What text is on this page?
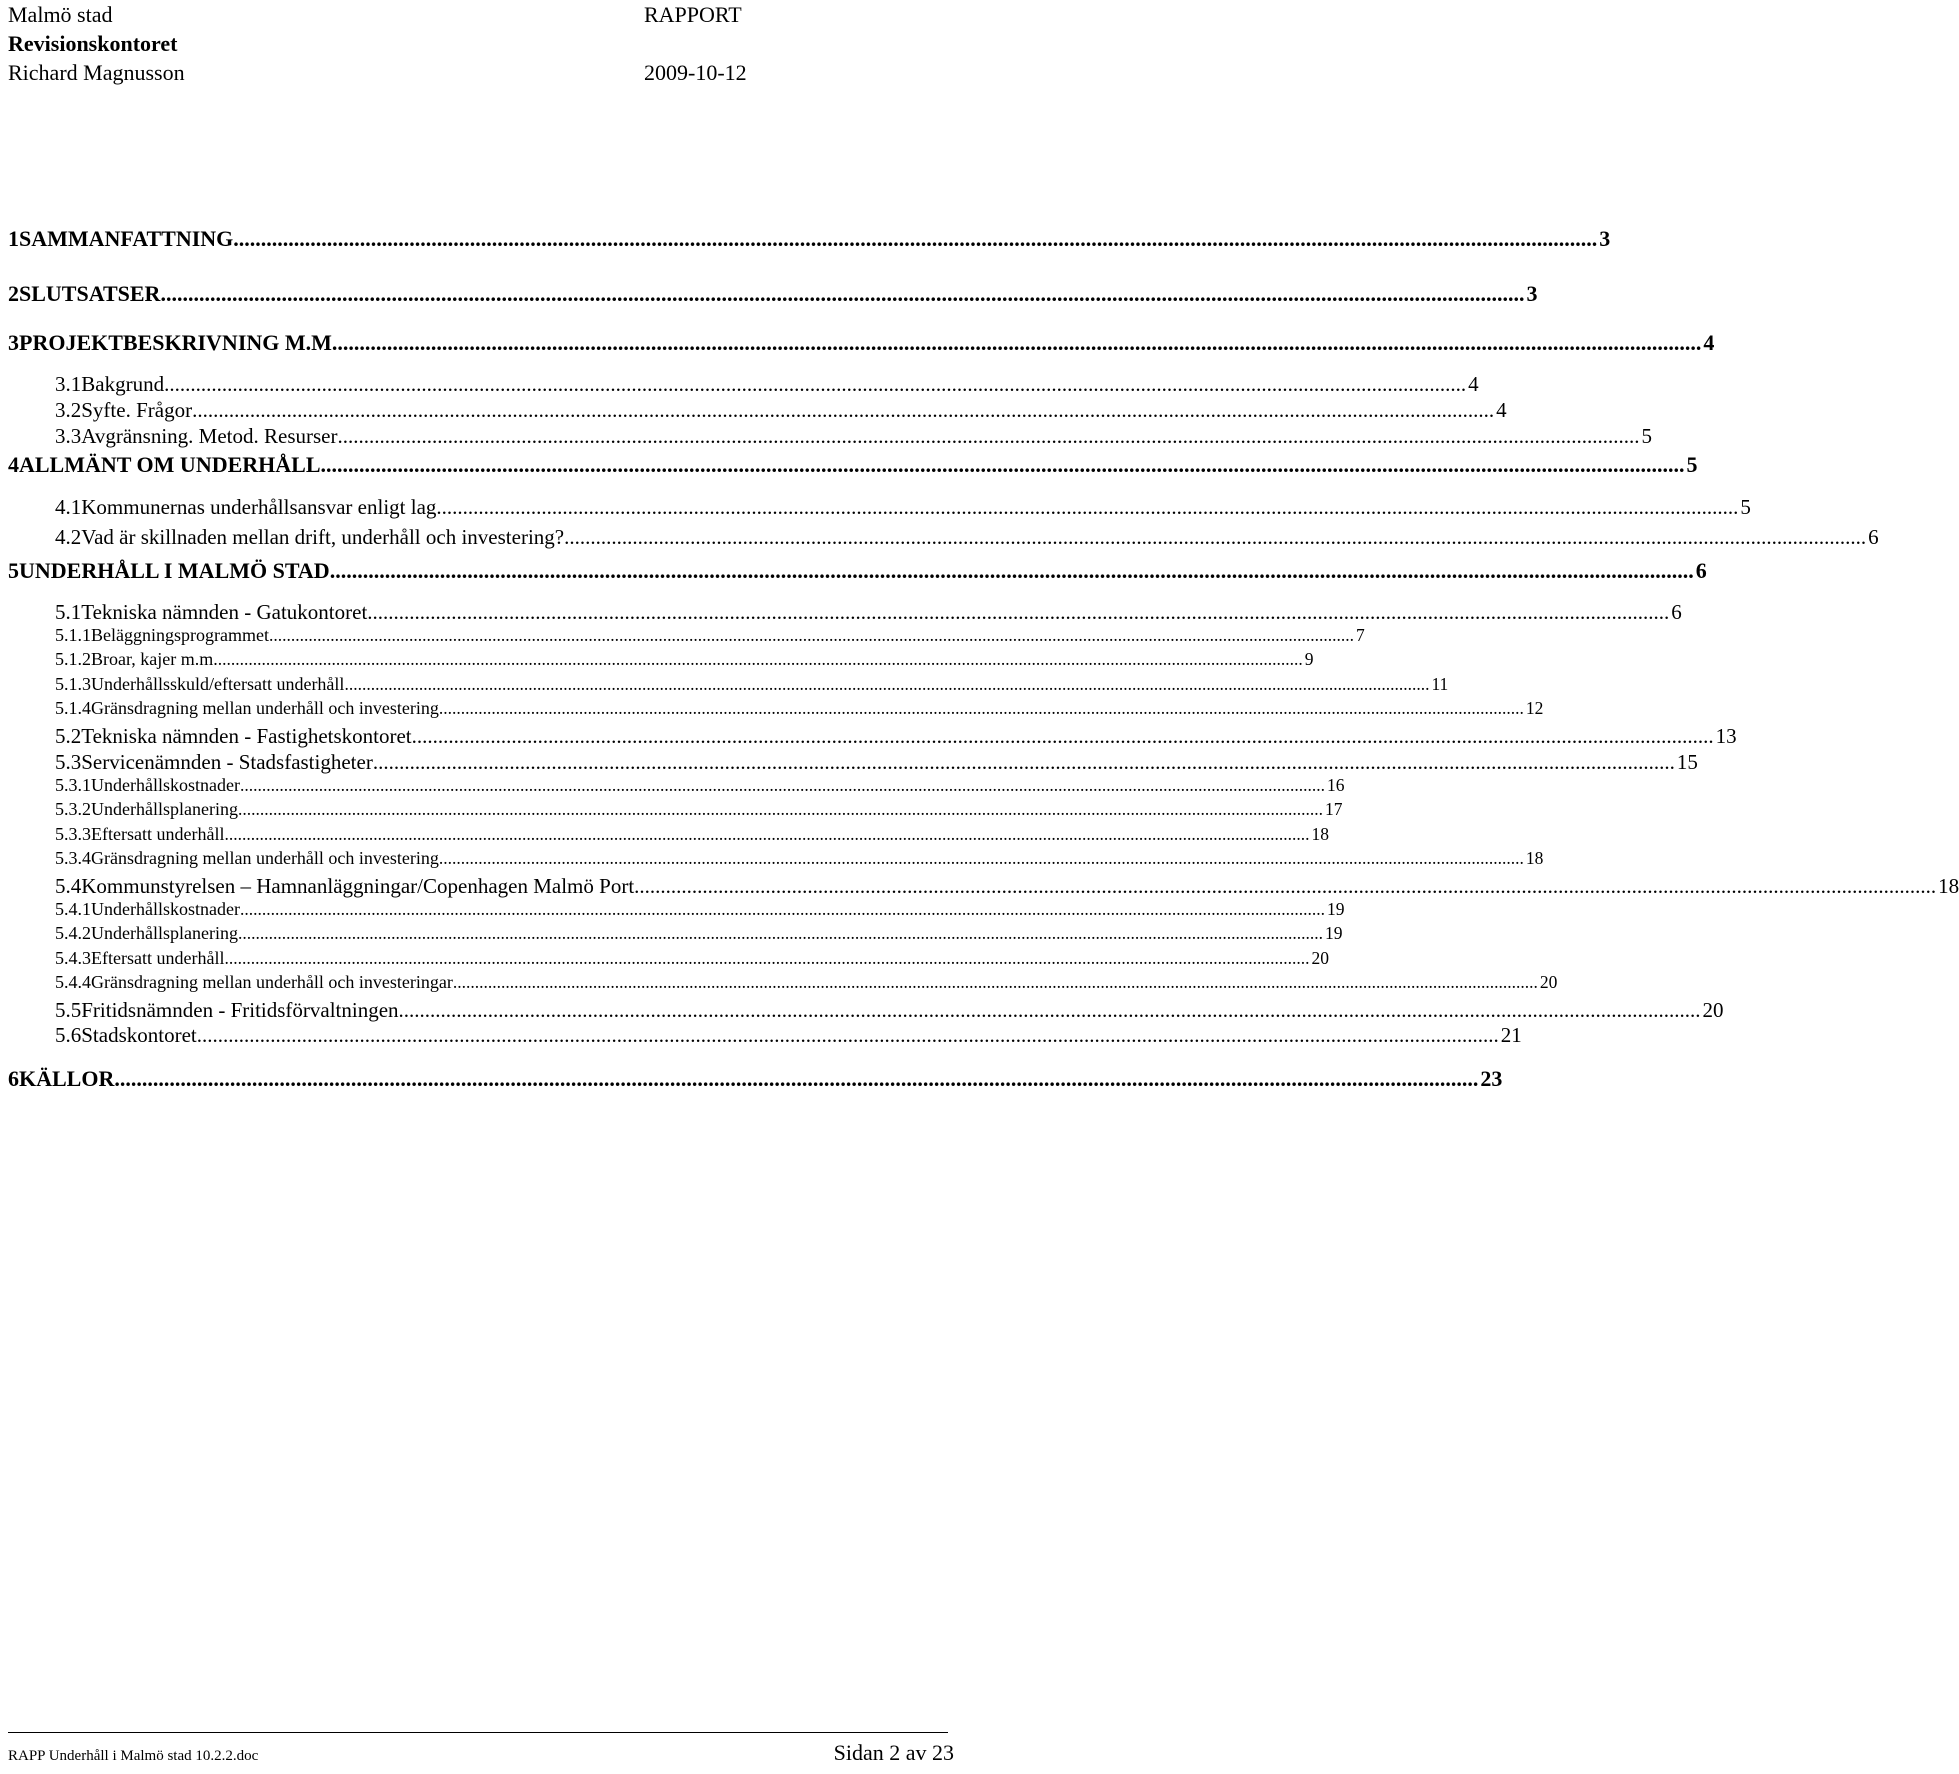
Malmö stad	RAPPORT
Revisionskontoret
Richard Magnusson	2009-10-12
1 SAMMANFATTNING .....	3
2 SLUTSATSER .....	3
3 PROJEKTBESKRIVNING M.M. .....	4
3.1 Bakgrund .....	4
3.2 Syfte. Frågor .....	4
3.3 Avgränsning. Metod. Resurser .....	5
4 ALLMÄNT OM UNDERHÅLL .....	5
4.1 Kommunernas underhållsansvar enligt lag .....	5
4.2 Vad är skillnaden mellan drift, underhåll och investering? .....	6
5 UNDERHÅLL I MALMÖ STAD .....	6
5.1 Tekniska nämnden - Gatukontoret .....	6
5.1.1 Beläggningsprogrammet .....	7
5.1.2 Broar, kajer m.m. .....	9
5.1.3 Underhållsskuld/eftersatt underhåll .....	11
5.1.4 Gränsdragning mellan underhåll och investering .....	12
5.2 Tekniska nämnden - Fastighetskontoret .....	13
5.3 Servicenämnden - Stadsfastigheter .....	15
5.3.1 Underhållskostnader .....	16
5.3.2 Underhållsplanering .....	17
5.3.3 Eftersatt underhåll .....	18
5.3.4 Gränsdragning mellan underhåll och investering .....	18
5.4 Kommunstyrelsen – Hamnanläggningar/Copenhagen Malmö Port .....	18
5.4.1 Underhållskostnader .....	19
5.4.2 Underhållsplanering .....	19
5.4.3 Eftersatt underhåll .....	20
5.4.4 Gränsdragning mellan underhåll och investeringar .....	20
5.5 Fritidsnämnden - Fritidsförvaltningen .....	20
5.6 Stadskontoret .....	21
6 KÄLLOR .....	23
RAPP Underhåll i Malmö stad 10.2.2.doc	Sidan 2 av 23
